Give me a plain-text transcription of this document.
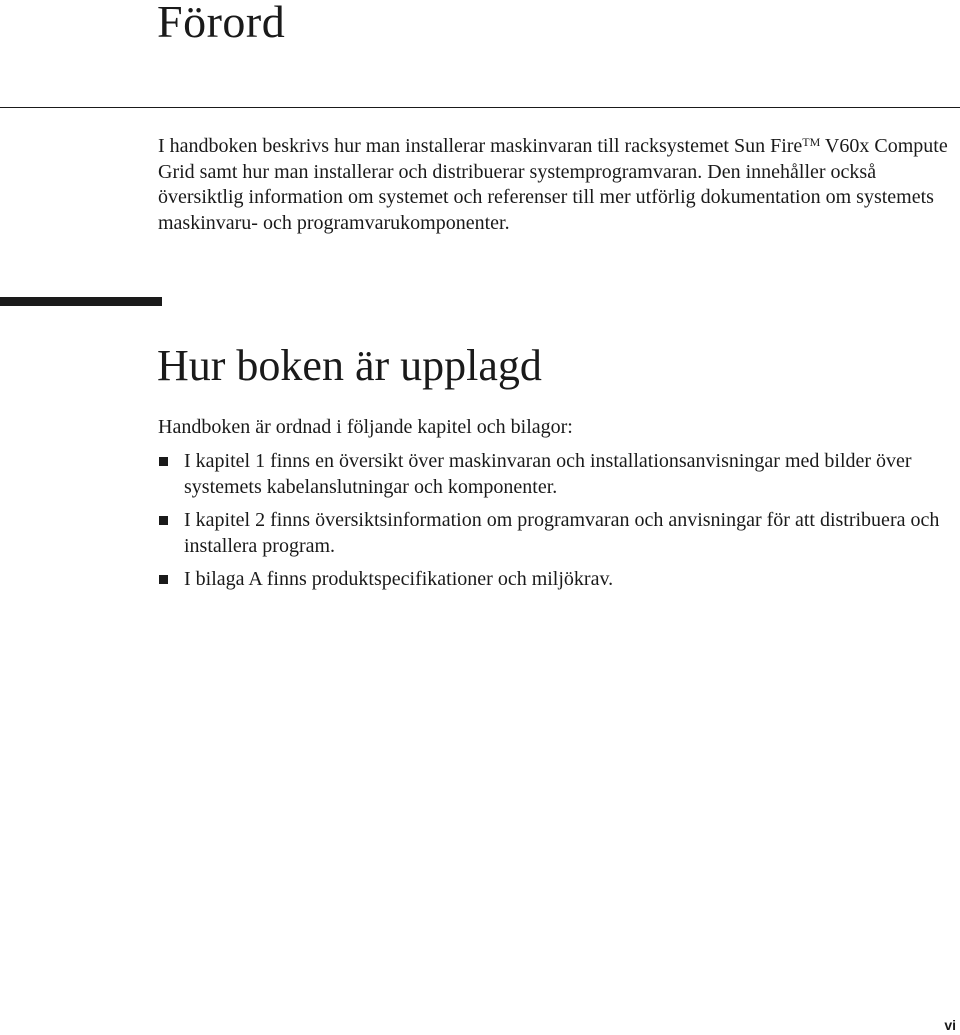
Förord

I handboken beskrivs hur man installerar maskinvaran till racksystemet Sun Fire™ V60x Compute Grid samt hur man installerar och distribuerar systemprogramvaran. Den innehåller också översiktlig information om systemet och referenser till mer utförlig dokumentation om systemets maskinvaru- och programvarukomponenter.

Hur boken är upplagd

Handboken är ordnad i följande kapitel och bilagor:

I kapitel 1 finns en översikt över maskinvaran och installationsanvisningar med bilder över systemets kabelanslutningar och komponenter.
I kapitel 2 finns översiktsinformation om programvaran och anvisningar för att distribuera och installera program.
I bilaga A finns produktspecifikationer och miljökrav.
vi
